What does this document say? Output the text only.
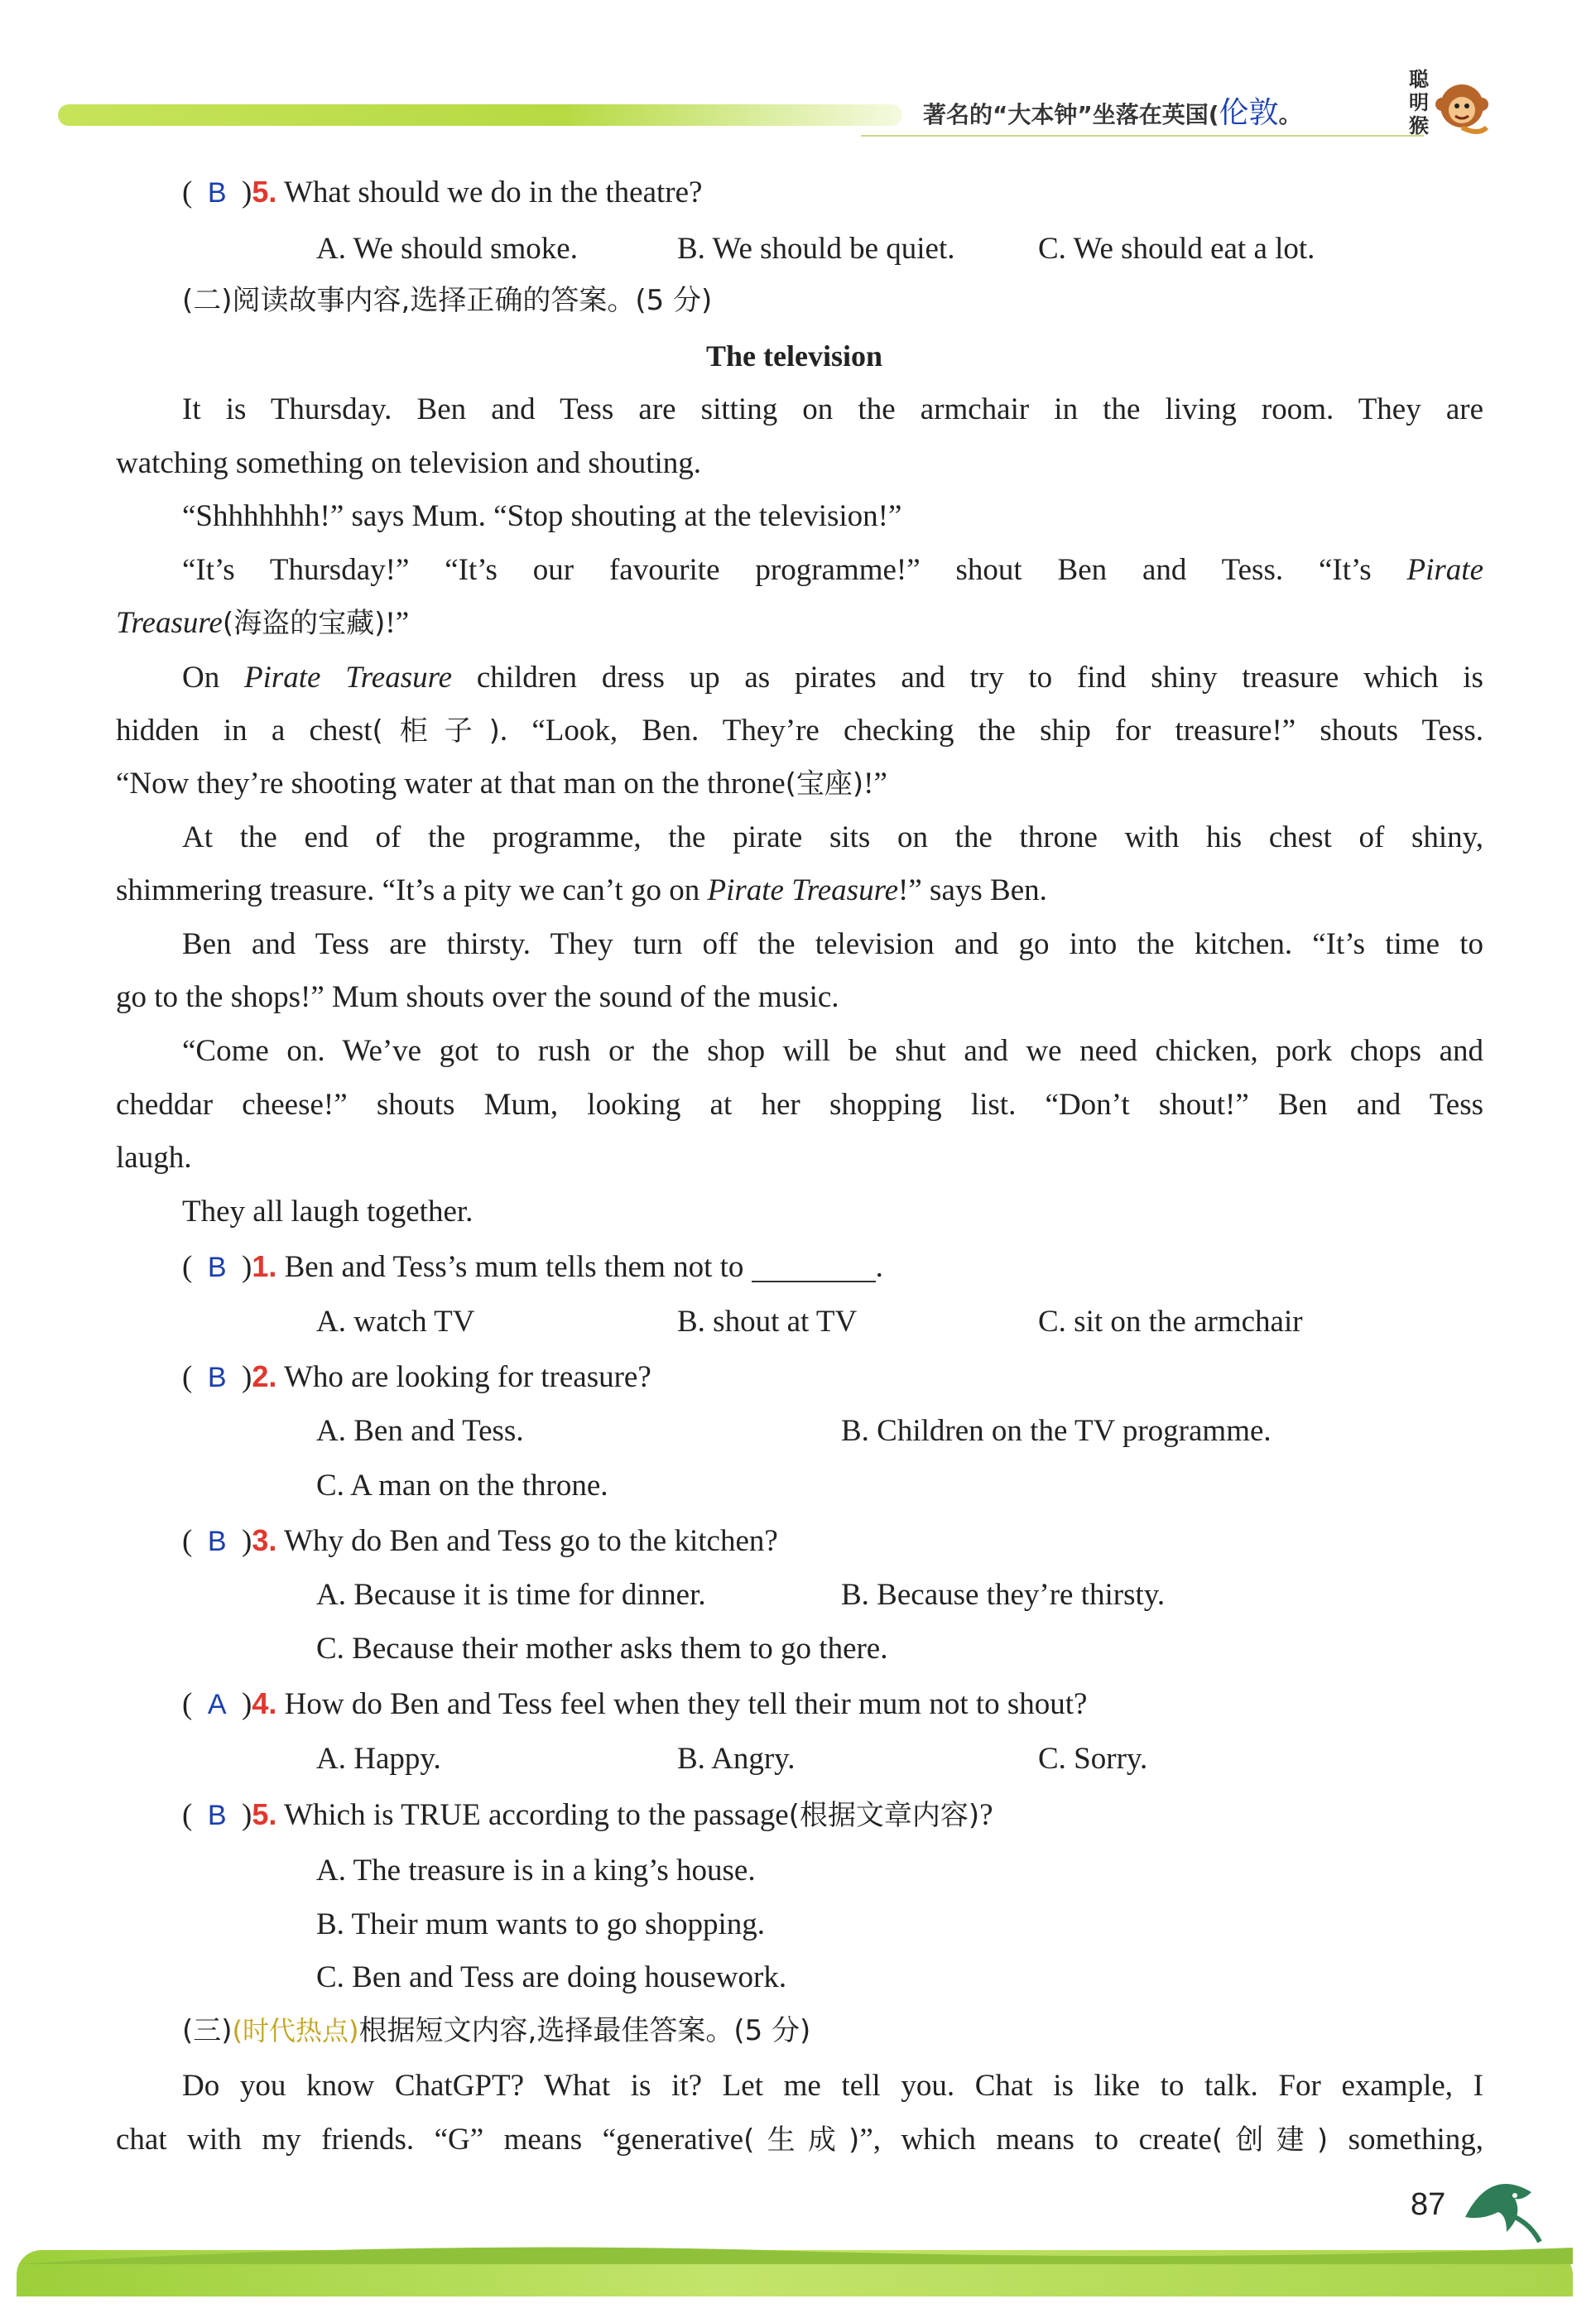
著名的“大本钟”坐落在英国(伦敦。
聪明猴
(  B  )5. What should we do in the theatre?
A. We should smoke.	B. We should be quiet.	C. We should eat a lot.
(二)阅读故事内容,选择正确的答案。(5 分)
The television
It is Thursday. Ben and Tess are sitting on the armchair in the living room. They are
watching something on television and shouting.
“Shhhhhhh!” says Mum. “Stop shouting at the television!”
“It’s Thursday!” “It’s our favourite programme!” shout Ben and Tess. “It’s Pirate
Treasure(海盗的宝藏)!”
On Pirate Treasure children dress up as pirates and try to find shiny treasure which is
hidden in a chest(柜子). “Look, Ben. They’re checking the ship for treasure!” shouts Tess.
“Now they’re shooting water at that man on the throne(宝座)!”
At the end of the programme, the pirate sits on the throne with his chest of shiny,
shimmering treasure. “It’s a pity we can’t go on Pirate Treasure!” says Ben.
Ben and Tess are thirsty. They turn off the television and go into the kitchen. “It’s time to
go to the shops!” Mum shouts over the sound of the music.
“Come on. We’ve got to rush or the shop will be shut and we need chicken, pork chops and
cheddar cheese!” shouts Mum, looking at her shopping list. “Don’t shout!” Ben and Tess
laugh.
They all laugh together.
(  B  )1. Ben and Tess’s mum tells them not to	.
A. watch TV	B. shout at TV	C. sit on the armchair
(  B  )2. Who are looking for treasure?
A. Ben and Tess.	B. Children on the TV programme.
C. A man on the throne.
(  B  )3. Why do Ben and Tess go to the kitchen?
A. Because it is time for dinner.	B. Because they’re thirsty.
C. Because their mother asks them to go there.
(  A  )4. How do Ben and Tess feel when they tell their mum not to shout?
A. Happy.	B. Angry.	C. Sorry.
(  B  )5. Which is TRUE according to the passage(根据文章内容)?
A. The treasure is in a king’s house.
B. Their mum wants to go shopping.
C. Ben and Tess are doing housework.
(三)(时代热点)根据短文内容,选择最佳答案。(5 分)
Do you know ChatGPT? What is it? Let me tell you. Chat is like to talk. For example, I
chat with my friends. “G” means “generative(生成)”, which means to create(创建) something,
87
